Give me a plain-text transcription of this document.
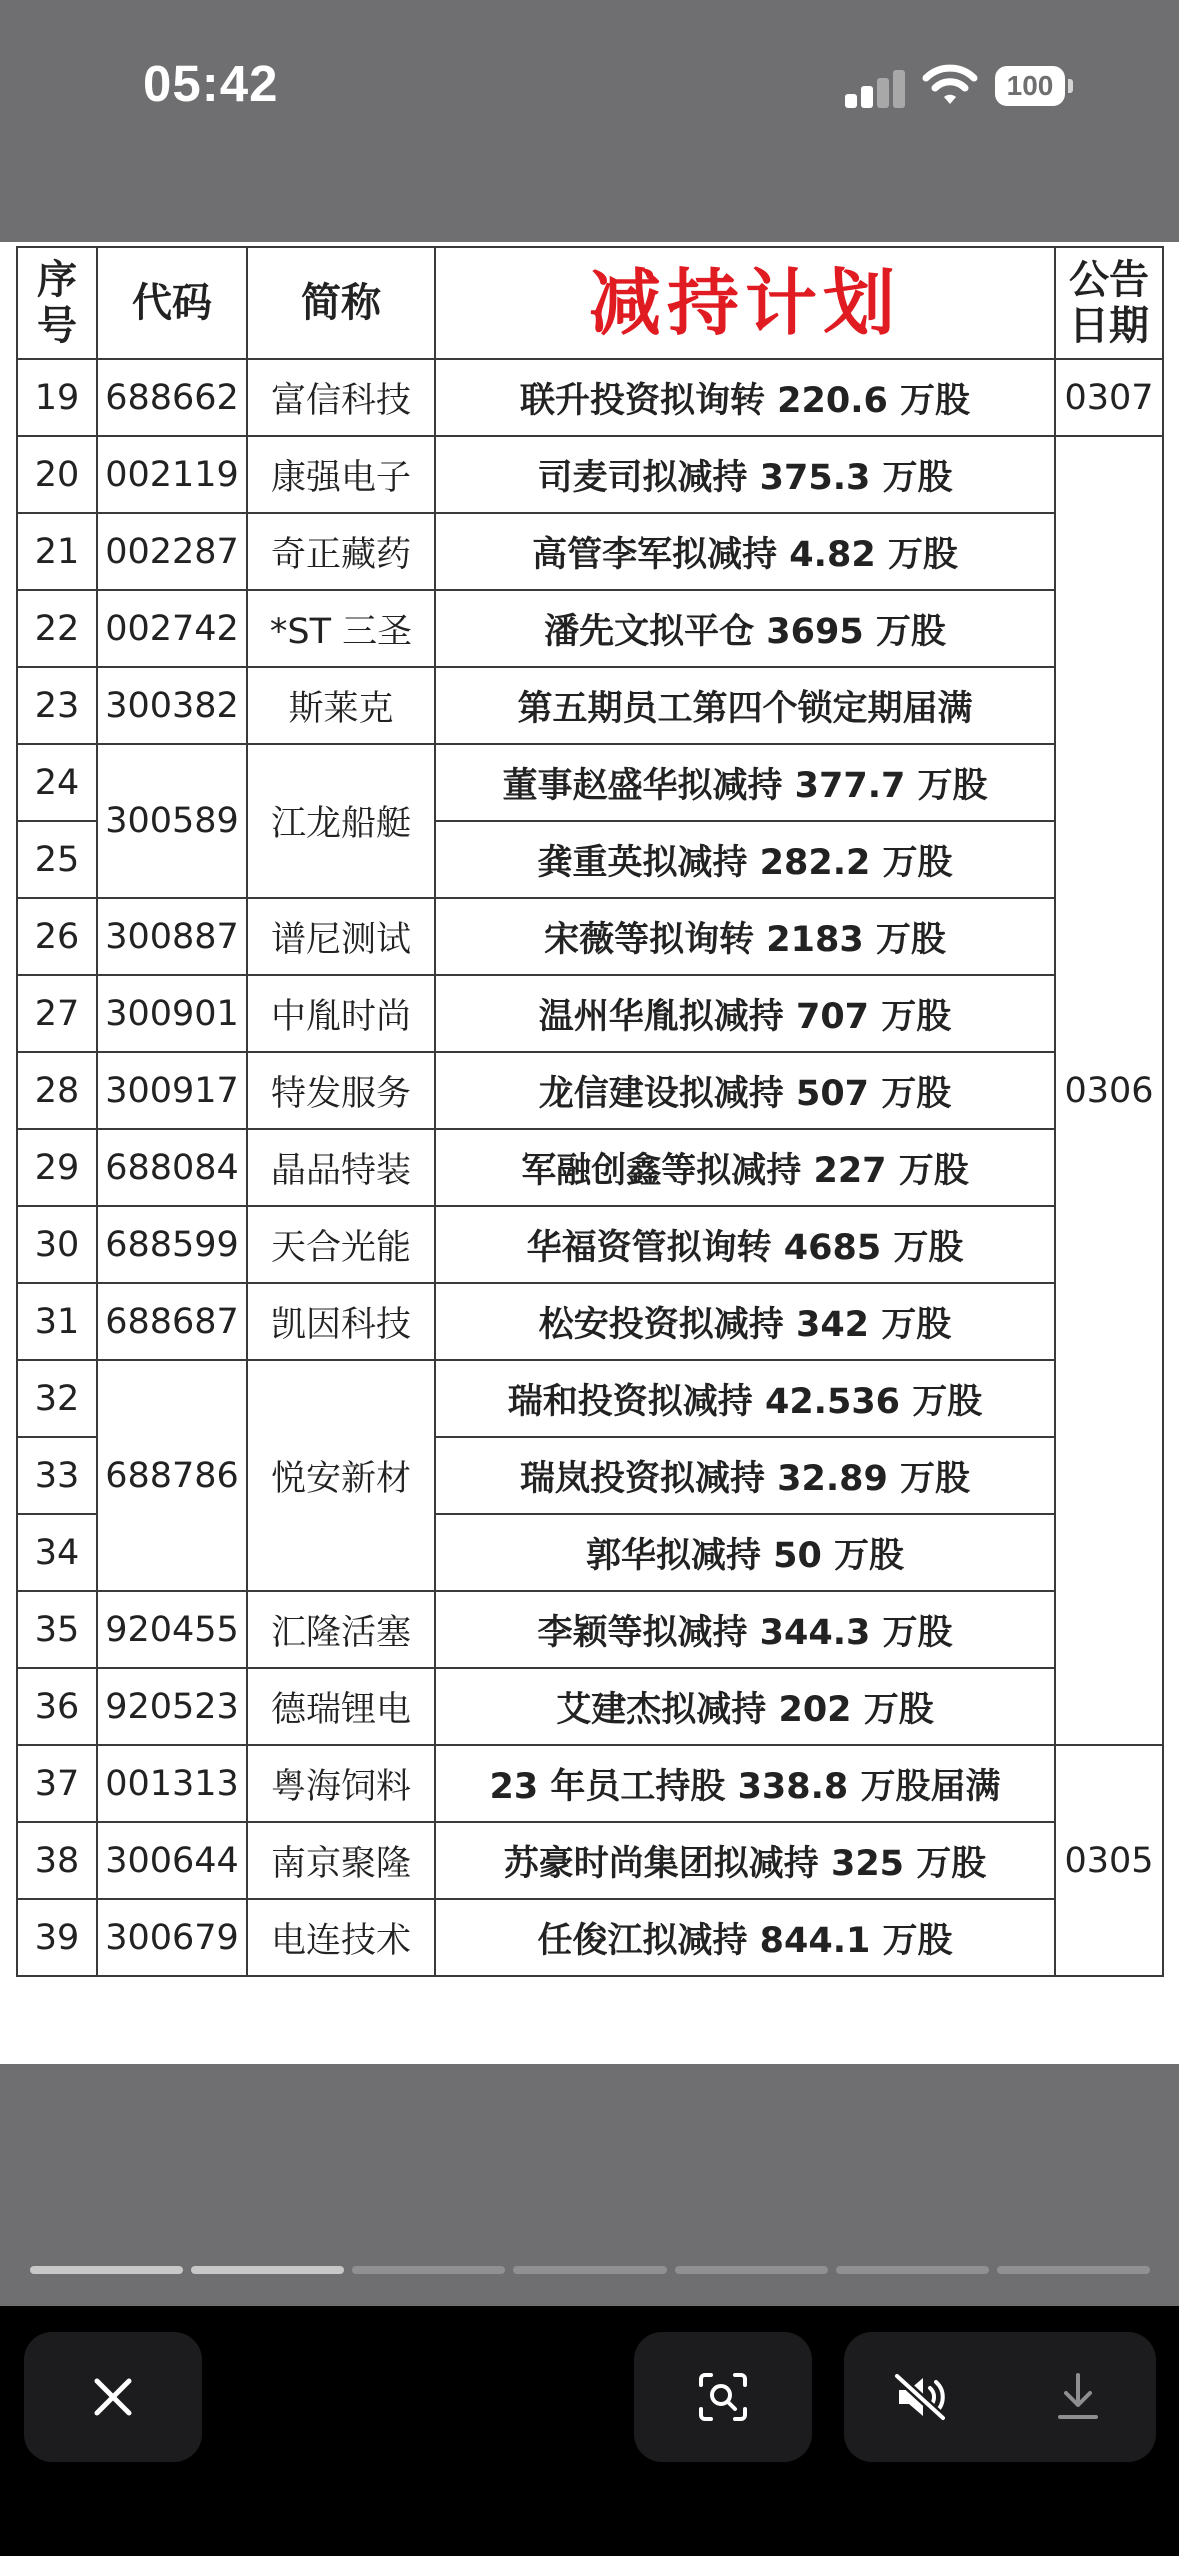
05:42	100
序
号	代码	简称	减持计划	公告
日期
19	688662	富信科技	联升投资拟询转 220.6 万股	0307
20	002119	康强电子	司麦司拟减持 375.3 万股	0306
21	002287	奇正藏药	高管李军拟减持 4.82 万股	
22	002742	*ST 三圣	潘先文拟平仓 3695 万股	
23	300382	斯莱克	第五期员工第四个锁定期届满	
24	300589	江龙船艇	董事赵盛华拟减持 377.7 万股	
25			龚重英拟减持 282.2 万股	
26	300887	谱尼测试	宋薇等拟询转 2183 万股	
27	300901	中胤时尚	温州华胤拟减持 707 万股	
28	300917	特发服务	龙信建设拟减持 507 万股	
29	688084	晶品特装	军融创鑫等拟减持 227 万股	
30	688599	天合光能	华福资管拟询转 4685 万股	
31	688687	凯因科技	松安投资拟减持 342 万股	
32	688786	悦安新材	瑞和投资拟减持 42.536 万股	
33			瑞岚投资拟减持 32.89 万股	
34			郭华拟减持 50 万股	
35	920455	汇隆活塞	李颖等拟减持 344.3 万股	
36	920523	德瑞锂电	艾建杰拟减持 202 万股	
37	001313	粤海饲料	23 年员工持股 338.8 万股届满	0305
38	300644	南京聚隆	苏豪时尚集团拟减持 325 万股	
39	300679	电连技术	任俊江拟减持 844.1 万股	
